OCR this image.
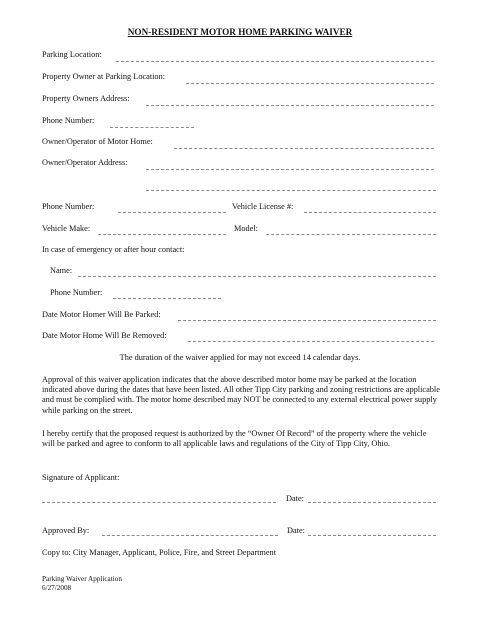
NON-RESIDENT MOTOR HOME PARKING WAIVER
Parking Location:
Property Owner at Parking Location:
Property Owners Address:
Phone Number:
Owner/Operator of Motor Home:
Owner/Operator Address:
Phone Number:	Vehicle License #:
Vehicle Make:	Model:
In case of emergency or after hour contact:
Name:
Phone Number:
Date Motor Homer Will Be Parked:
Date Motor Home Will Be Removed:
The duration of the waiver applied for may not exceed 14 calendar days.
Approval of this waiver application indicates that the above described motor home may be parked at the location indicated above during the dates that have been listed. All other Tipp City parking and zoning restrictions are applicable and must be complied with. The motor home described may NOT be connected to any external electrical power supply while parking on the street.
I hereby certify that the proposed request is authorized by the “Owner Of Record” of the property where the vehicle will be parked and agree to conform to all applicable laws and regulations of the City of Tipp City, Ohio.
Signature of Applicant:
Date:
Approved By:	Date:
Copy to: City Manager, Applicant, Police, Fire, and Street Department
Parking Waiver Application
6/27/2008
